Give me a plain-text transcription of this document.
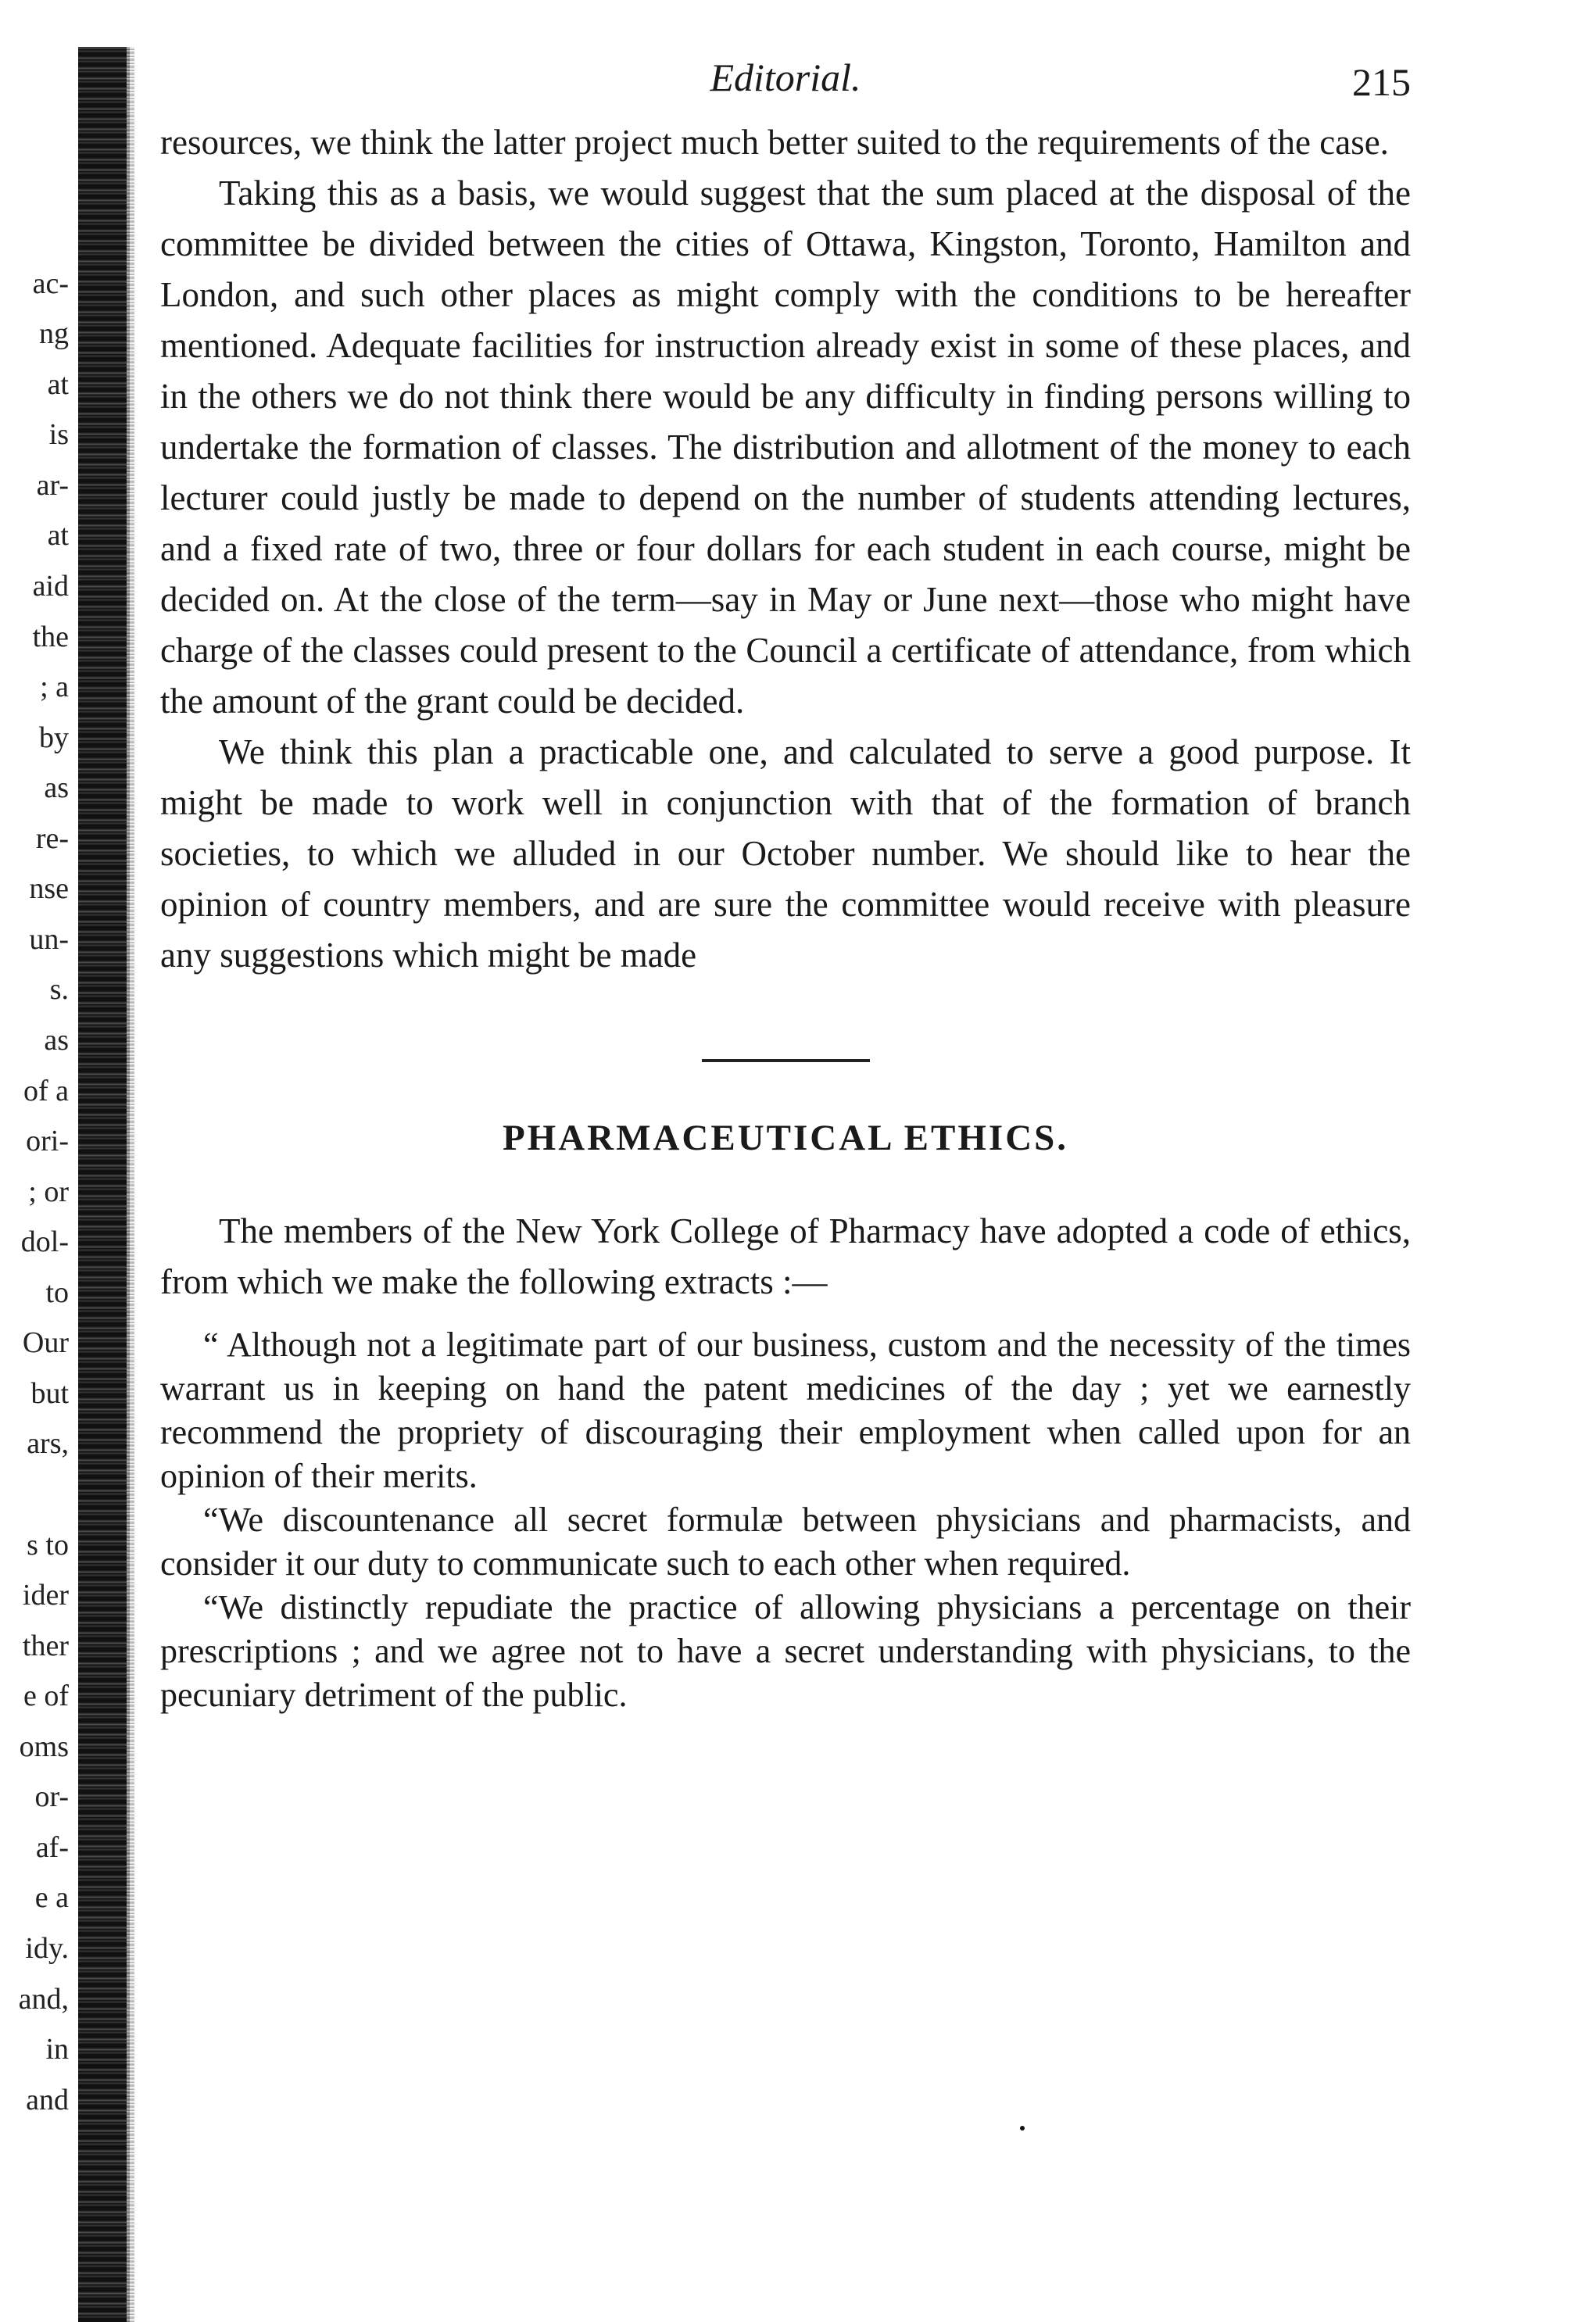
ac-
ng
at
is
ar-
at
aid
the
; a
by
as
re-
nse
un-
s.
as
of a
ori-
; or
dol-
to
Our
but
ars,
s to
ider
ther
e of
oms
or-
af-
e a
idy.
and,
in
and
Editorial.	215

resources, we think the latter project much better suited to the requirements of the case.

Taking this as a basis, we would suggest that the sum placed at the disposal of the committee be divided between the cities of Ottawa, Kingston, Toronto, Hamilton and London, and such other places as might comply with the conditions to be hereafter mentioned. Adequate facilities for instruction already exist in some of these places, and in the others we do not think there would be any difficulty in finding persons willing to undertake the formation of classes. The distribution and allotment of the money to each lecturer could justly be made to depend on the number of students attending lectures, and a fixed rate of two, three or four dollars for each student in each course, might be decided on. At the close of the term—say in May or June next—those who might have charge of the classes could present to the Council a certificate of attendance, from which the amount of the grant could be decided.

We think this plan a practicable one, and calculated to serve a good purpose. It might be made to work well in conjunction with that of the formation of branch societies, to which we alluded in our October number. We should like to hear the opinion of country members, and are sure the committee would receive with pleasure any suggestions which might be made

PHARMACEUTICAL ETHICS.

The members of the New York College of Pharmacy have adopted a code of ethics, from which we make the following extracts :—

“ Although not a legitimate part of our business, custom and the necessity of the times warrant us in keeping on hand the patent medicines of the day ; yet we earnestly recommend the propriety of discouraging their employment when called upon for an opinion of their merits.

“We discountenance all secret formulæ between physicians and pharmacists, and consider it our duty to communicate such to each other when required.

“We distinctly repudiate the practice of allowing physicians a percentage on their prescriptions ; and we agree not to have a secret understanding with physicians, to the pecuniary detriment of the public.
